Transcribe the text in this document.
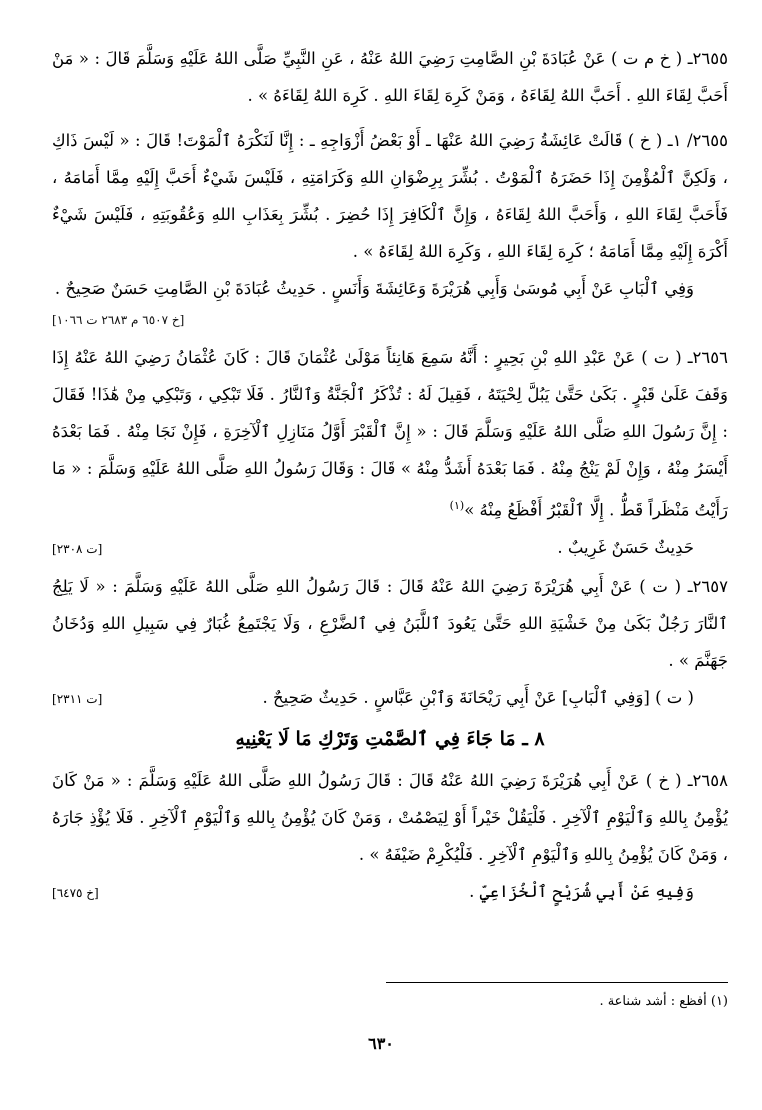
٢٦٥٥ـ ( خ م ت ) عَنْ عُبَادَةَ بْنِ الصَّامِتِ رَضِيَ اللهُ عَنْهُ ، عَنِ النَّبِيِّ صَلَّى اللهُ عَلَيْهِ وَسَلَّمَ قَالَ : « مَنْ أَحَبَّ لِقَاءَ اللهِ . أَحَبَّ اللهُ لِقَاءَهُ ، وَمَنْ كَرِهَ لِقَاءَ اللهِ . كَرِهَ اللهُ لِقَاءَهُ » .

٢٦٥٥/ ١ـ ( خ ) قَالَتْ عَائِشَةُ رَضِيَ اللهُ عَنْهَا ـ أَوْ بَعْضُ أَزْوَاجِهِ ـ : إِنَّا لَنَكْرَهُ ٱلْمَوْتَ! قَالَ : « لَيْسَ ذَاكِ ، وَلَكِنَّ ٱلْمُؤْمِنَ إِذَا حَضَرَهُ ٱلْمَوْتُ . بُشِّرَ بِرِضْوَانِ اللهِ وَكَرَامَتِهِ ، فَلَيْسَ شَيْءٌ أَحَبَّ إِلَيْهِ مِمَّا أَمَامَهُ ، فَأَحَبَّ لِقَاءَ اللهِ ، وَأَحَبَّ اللهُ لِقَاءَهُ ، وَإِنَّ ٱلْكَافِرَ إِذَا حُضِرَ . بُشِّرَ بِعَذَابِ اللهِ وَعُقُوبَتِهِ ، فَلَيْسَ شَيْءٌ أَكْرَهَ إِلَيْهِ مِمَّا أَمَامَهُ ؛ كَرِهَ لِقَاءَ اللهِ ، وَكَرِهَ اللهُ لِقَاءَهُ » .

وَفِي ٱلْبَابِ عَنْ أَبِي مُوسَىٰ وَأَبِي هُرَيْرَةَ وَعَائِشَةَ وَأَنَسٍ . حَدِيثُ عُبَادَةَ بْنِ الصَّامِتِ حَسَنٌ صَحِيحٌ .

[خ ٦٥٠٧ م ٢٦٨٣ ت ١٠٦٦]

٢٦٥٦ـ ( ت ) عَنْ عَبْدِ اللهِ بْنِ بَحِيرٍ : أَنَّهُ سَمِعَ هَانِئاً مَوْلَىٰ عُثْمَانَ قَالَ : كَانَ عُثْمَانُ رَضِيَ اللهُ عَنْهُ إِذَا وَقَفَ عَلَىٰ قَبْرٍ . بَكَىٰ حَتَّىٰ يَبُلَّ لِحْيَتَهُ ، فَقِيلَ لَهُ : تُذْكَرُ ٱلْجَنَّةُ وَٱلنَّارُ . فَلَا تَبْكِي ، وَتَبْكِي مِنْ هَٰذَا! فَقَالَ : إِنَّ رَسُولَ اللهِ صَلَّى اللهُ عَلَيْهِ وَسَلَّمَ قَالَ : « إِنَّ ٱلْقَبْرَ أَوَّلُ مَنَازِلِ ٱلْآخِرَةِ ، فَإِنْ نَجَا مِنْهُ . فَمَا بَعْدَهُ أَيْسَرُ مِنْهُ ، وَإِنْ لَمْ يَنْجُ مِنْهُ . فَمَا بَعْدَهُ أَشَدُّ مِنْهُ » قَالَ : وَقَالَ رَسُولُ اللهِ صَلَّى اللهُ عَلَيْهِ وَسَلَّمَ : « مَا رَأَيْتُ مَنْظَراً قَطُّ . إِلَّا ٱلْقَبْرُ أَفْظَعُ مِنْهُ »$^{(١)}$

حَدِيثٌ حَسَنٌ غَرِيبٌ .
[ت ٢٣٠٨]

٢٦٥٧ـ ( ت ) عَنْ أَبِي هُرَيْرَةَ رَضِيَ اللهُ عَنْهُ قَالَ : قَالَ رَسُولُ اللهِ صَلَّى اللهُ عَلَيْهِ وَسَلَّمَ : « لَا يَلِجُ ٱلنَّارَ رَجُلٌ بَكَىٰ مِنْ خَشْيَةِ اللهِ حَتَّىٰ يَعُودَ ٱللَّبَنُ فِي ٱلضَّرْعِ ، وَلَا يَجْتَمِعُ غُبَارٌ فِي سَبِيلِ اللهِ وَدُخَانُ جَهَنَّمَ » .

( ت ) [وَفِي ٱلْبَابِ] عَنْ أَبِي رَيْحَانَةَ وَٱبْنِ عَبَّاسٍ . حَدِيثٌ صَحِيحٌ .
[ت ٢٣١١]

٨ ـ مَا جَاءَ فِي ٱلصَّمْتِ وَتَرْكِ مَا لَا يَعْنِيهِ

٢٦٥٨ـ ( خ ) عَنْ أَبِي هُرَيْرَةَ رَضِيَ اللهُ عَنْهُ قَالَ : قَالَ رَسُولُ اللهِ صَلَّى اللهُ عَلَيْهِ وَسَلَّمَ : « مَنْ كَانَ يُؤْمِنُ بِاللهِ وَٱلْيَوْمِ ٱلْآخِرِ . فَلْيَقُلْ خَيْراً أَوْ لِيَصْمُتْ ، وَمَنْ كَانَ يُؤْمِنُ بِاللهِ وَٱلْيَوْمِ ٱلْآخِرِ . فَلَا يُؤْذِ جَارَهُ ، وَمَنْ كَانَ يُؤْمِنُ بِاللهِ وَٱلْيَوْمِ ٱلْآخِرِ . فَلْيُكْرِمْ ضَيْفَهُ » .

وَفِيهِ عَنْ أَبِي شُرَيْحٍ ٱلْخُزَاعِيِّ .
[خ ٦٤٧٥]
(١) أفظع : أشد شناعة .
٦٣٠
